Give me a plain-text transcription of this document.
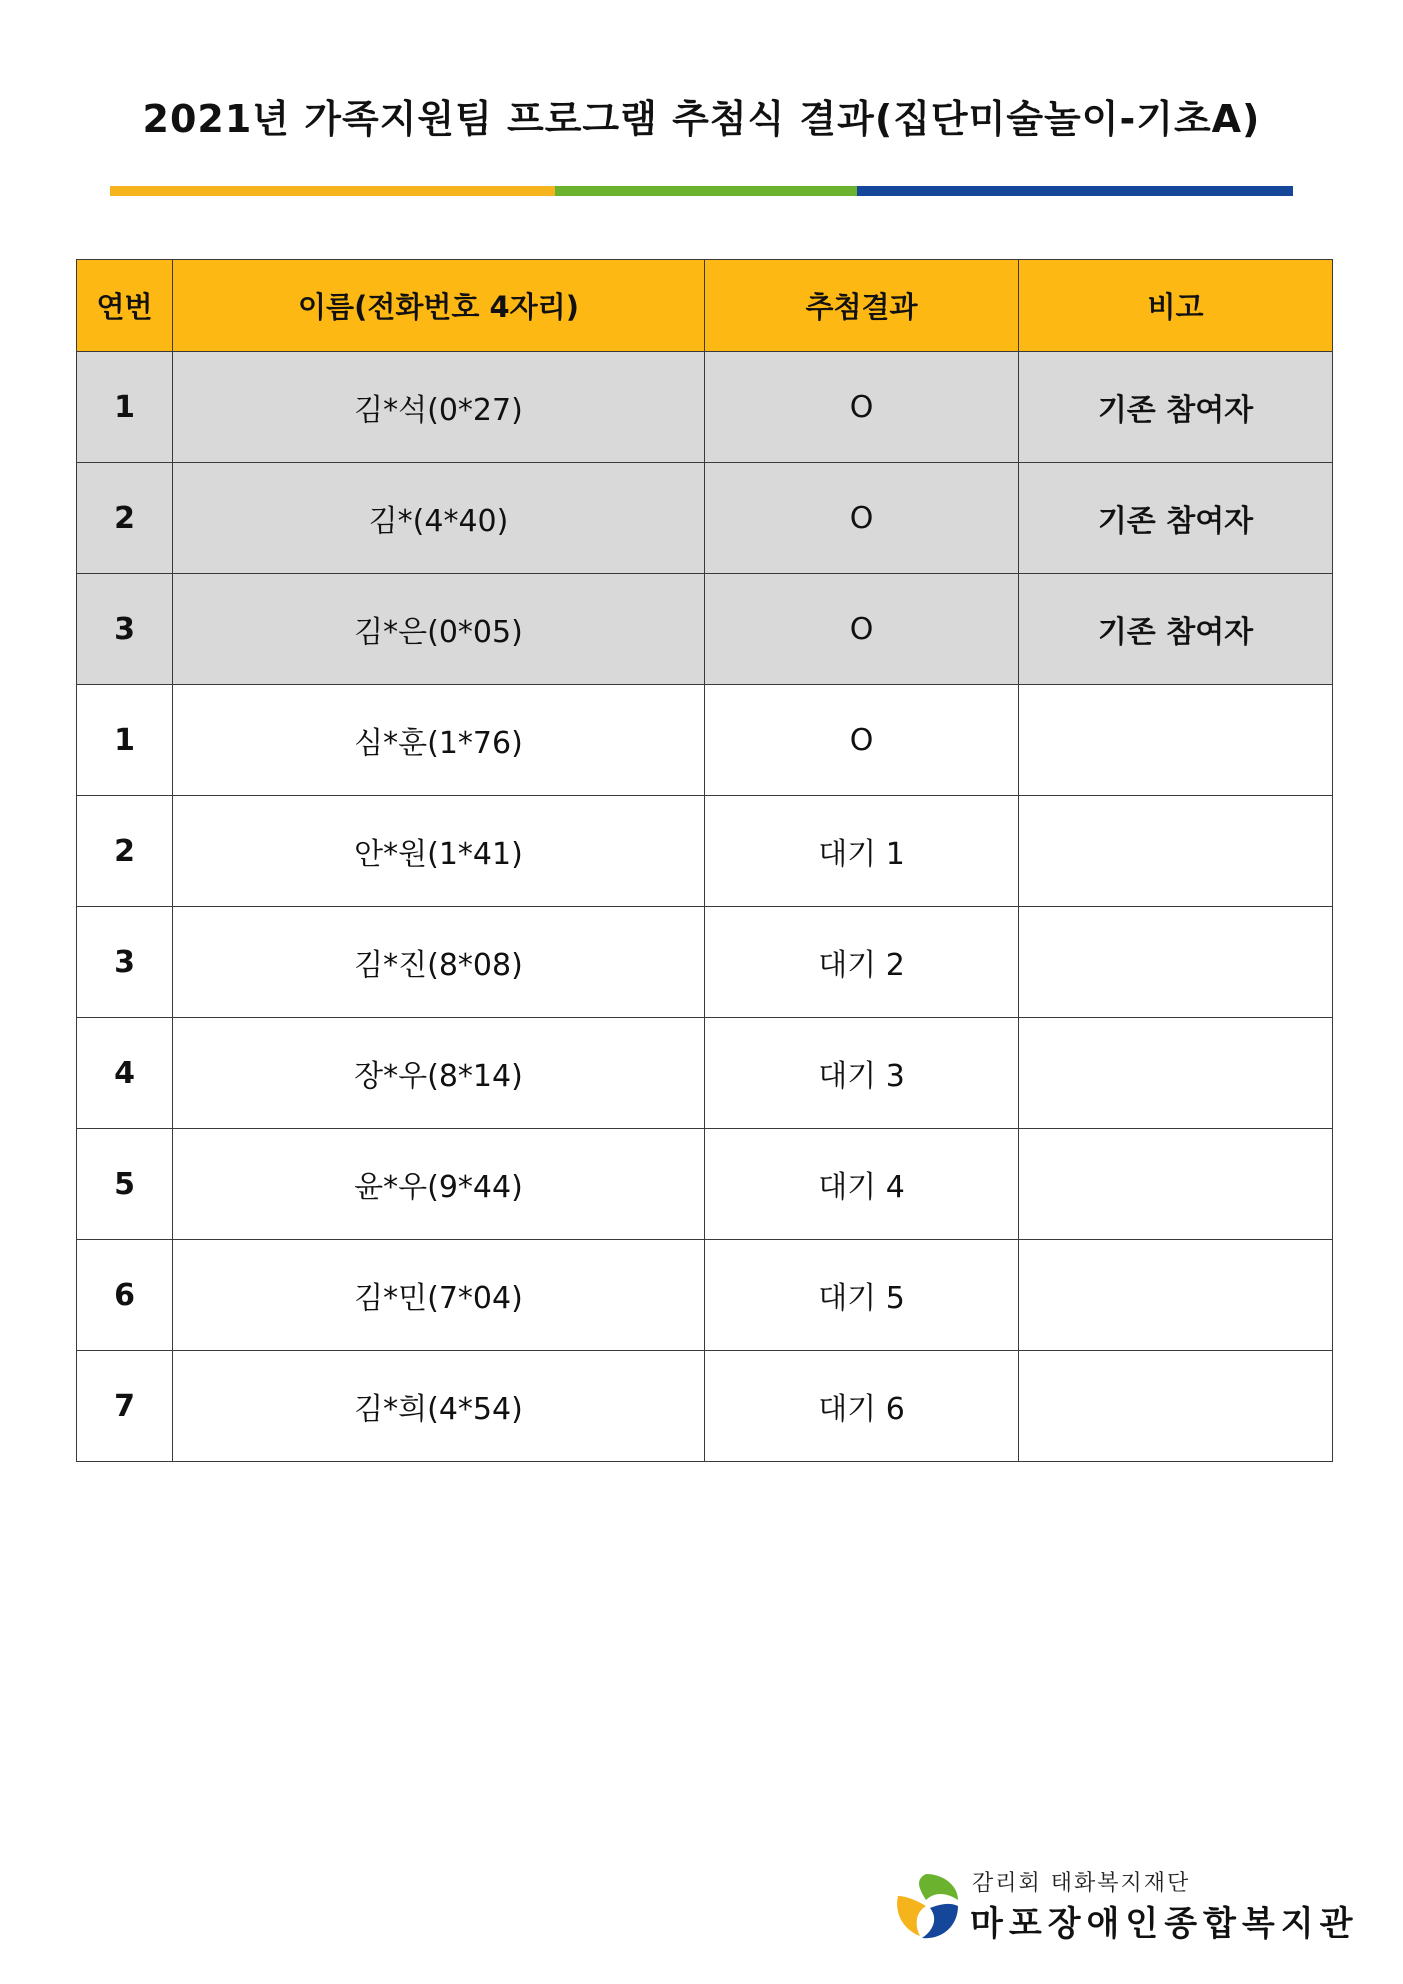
2021년 가족지원팀 프로그램 추첨식 결과(집단미술놀이-기초A)
연번	이름(전화번호 4자리)	추첨결과	비고
1	김*석(0*27)	O	기존 참여자
2	김*(4*40)	O	기존 참여자
3	김*은(0*05)	O	기존 참여자
1	심*훈(1*76)	O	
2	안*원(1*41)	대기 1	
3	김*진(8*08)	대기 2	
4	장*우(8*14)	대기 3	
5	윤*우(9*44)	대기 4	
6	김*민(7*04)	대기 5	
7	김*희(4*54)	대기 6	
감리회 태화복지재단
마포장애인종합복지관
